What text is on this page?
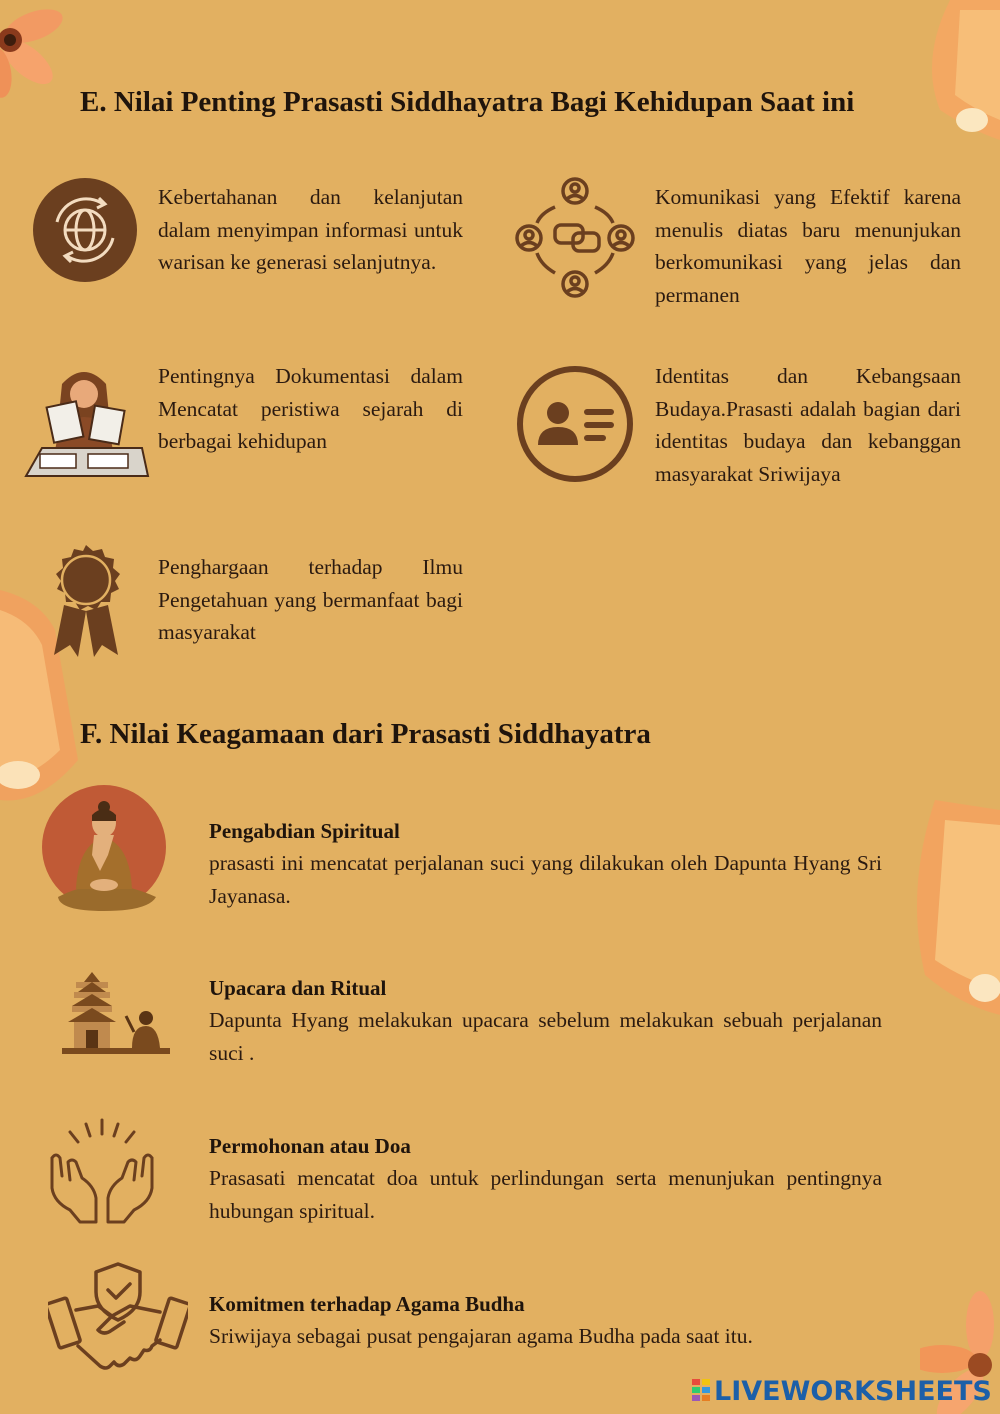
E. Nilai Penting Prasasti Siddhayatra Bagi Kehidupan Saat ini
Kebertahanan dan kelanjutan dalam menyimpan informasi untuk warisan ke generasi selanjutnya.
Komunikasi yang Efektif karena menulis diatas baru menunjukan berkomunikasi yang jelas dan permanen
Pentingnya Dokumentasi dalam Mencatat peristiwa sejarah di berbagai kehidupan
Identitas dan Kebangsaan Budaya.Prasasti adalah bagian dari identitas budaya dan kebanggan masyarakat Sriwijaya
Penghargaan terhadap Ilmu Pengetahuan yang bermanfaat bagi masyarakat
F. Nilai Keagamaan dari Prasasti Siddhayatra
Pengabdian Spiritual
prasasti ini mencatat perjalanan suci yang dilakukan oleh Dapunta Hyang Sri Jayanasa.
Upacara dan Ritual
Dapunta Hyang melakukan upacara sebelum melakukan sebuah perjalanan suci .
Permohonan atau Doa
Prasasati mencatat doa untuk perlindungan serta menunjukan pentingnya hubungan spiritual.
Komitmen terhadap Agama Budha
Sriwijaya sebagai pusat pengajaran agama Budha pada saat itu.
LIVEWORKSHEETS
